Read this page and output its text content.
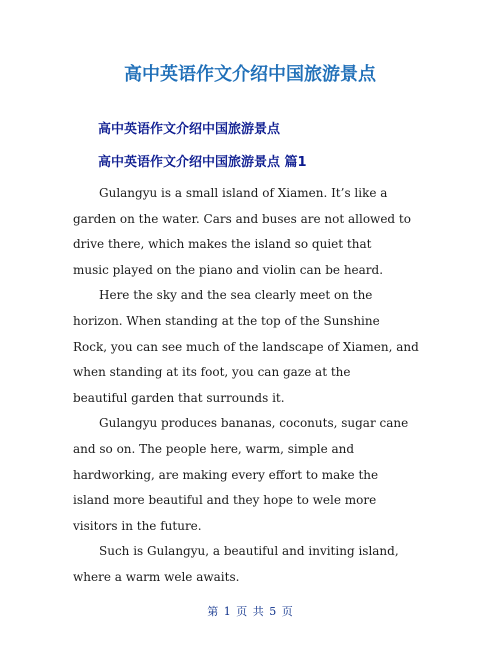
高中英语作文介绍中国旅游景点
高中英语作文介绍中国旅游景点
高中英语作文介绍中国旅游景点 篇1

Gulangyu is a small island of Xiamen. It’s like a
garden on the water. Cars and buses are not allowed to
drive there, which makes the island so quiet that
music played on the piano and violin can be heard.

Here the sky and the sea clearly meet on the
horizon. When standing at the top of the Sunshine
Rock, you can see much of the landscape of Xiamen, and
when standing at its foot, you can gaze at the
beautiful garden that surrounds it.

Gulangyu produces bananas, coconuts, sugar cane
and so on. The people here, warm, simple and
hardworking, are making every effort to make the
island more beautiful and they hope to wele more
visitors in the future.

Such is Gulangyu, a beautiful and inviting island,
where a warm wele awaits.

第 1 页 共 5 页
